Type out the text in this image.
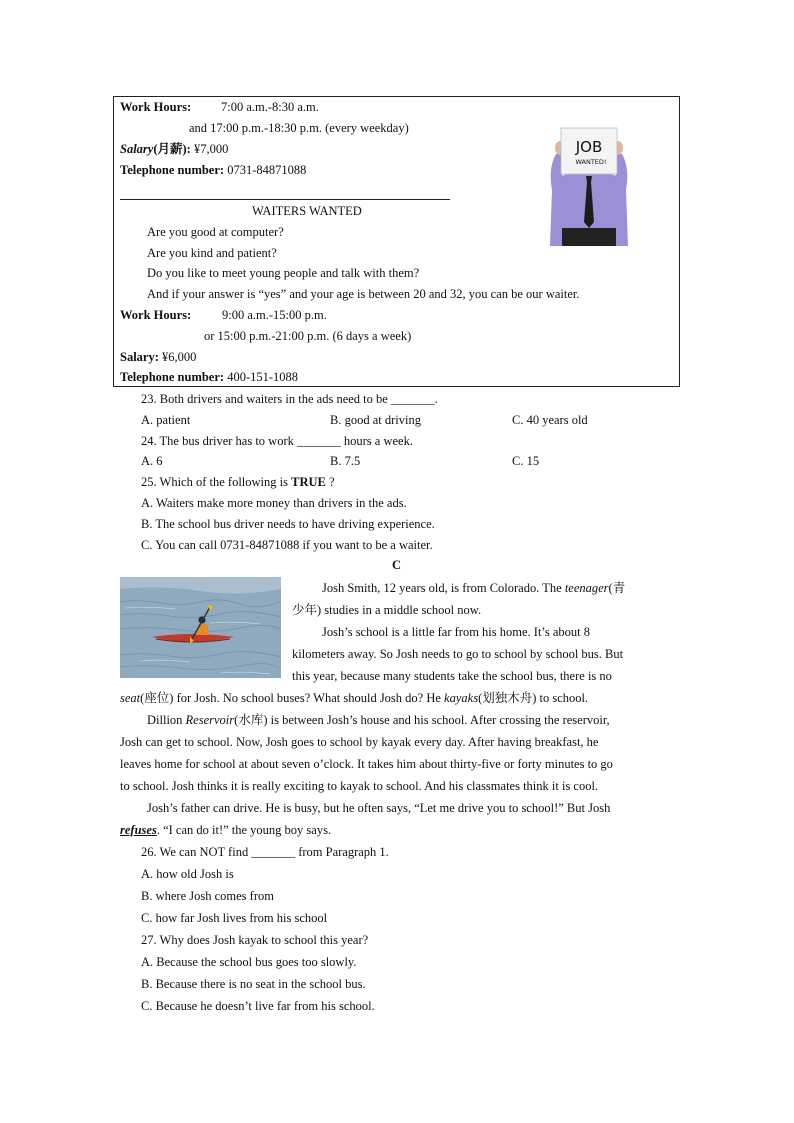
Work Hours: 7:00 a.m.-8:30 a.m.
and 17:00 p.m.-18:30 p.m. (every weekday)
Salary(月薪): ¥7,000
Telephone number: 0731-84871088
JOB
WANTED!
WAITERS WANTED
Are you good at computer?
Are you kind and patient?
Do you like to meet young people and talk with them?
And if your answer is “yes” and your age is between 20 and 32, you can be our waiter.
Work Hours: 9:00 a.m.-15:00 p.m.
or 15:00 p.m.-21:00 p.m. (6 days a week)
Salary: ¥6,000
Telephone number: 400-151-1088
23. Both drivers and waiters in the ads need to be _______.
A. patient	B. good at driving	C. 40 years old
24. The bus driver has to work _______ hours a week.
A. 6	B. 7.5	C. 15
25. Which of the following is TRUE ?
A. Waiters make more money than drivers in the ads.
B. The school bus driver needs to have driving experience.
C. You can call 0731-84871088 if you want to be a waiter.
C
Josh Smith, 12 years old, is from Colorado. The teenager(青
少年) studies in a middle school now.
Josh’s school is a little far from his home. It’s about 8
kilometers away. So Josh needs to go to school by school bus. But
this year, because many students take the school bus, there is no
seat(座位) for Josh. No school buses? What should Josh do? He kayaks(划独木舟) to school.
Dillion Reservoir(水库) is between Josh’s house and his school. After crossing the reservoir,
Josh can get to school. Now, Josh goes to school by kayak every day. After having breakfast, he
leaves home for school at about seven o’clock. It takes him about thirty-five or forty minutes to go
to school. Josh thinks it is really exciting to kayak to school. And his classmates think it is cool.
Josh’s father can drive. He is busy, but he often says, “Let me drive you to school!” But Josh
refuses. “I can do it!” the young boy says.
26. We can NOT find _______ from Paragraph 1.
A. how old Josh is
B. where Josh comes from
C. how far Josh lives from his school
27. Why does Josh kayak to school this year?
A. Because the school bus goes too slowly.
B. Because there is no seat in the school bus.
C. Because he doesn’t live far from his school.
